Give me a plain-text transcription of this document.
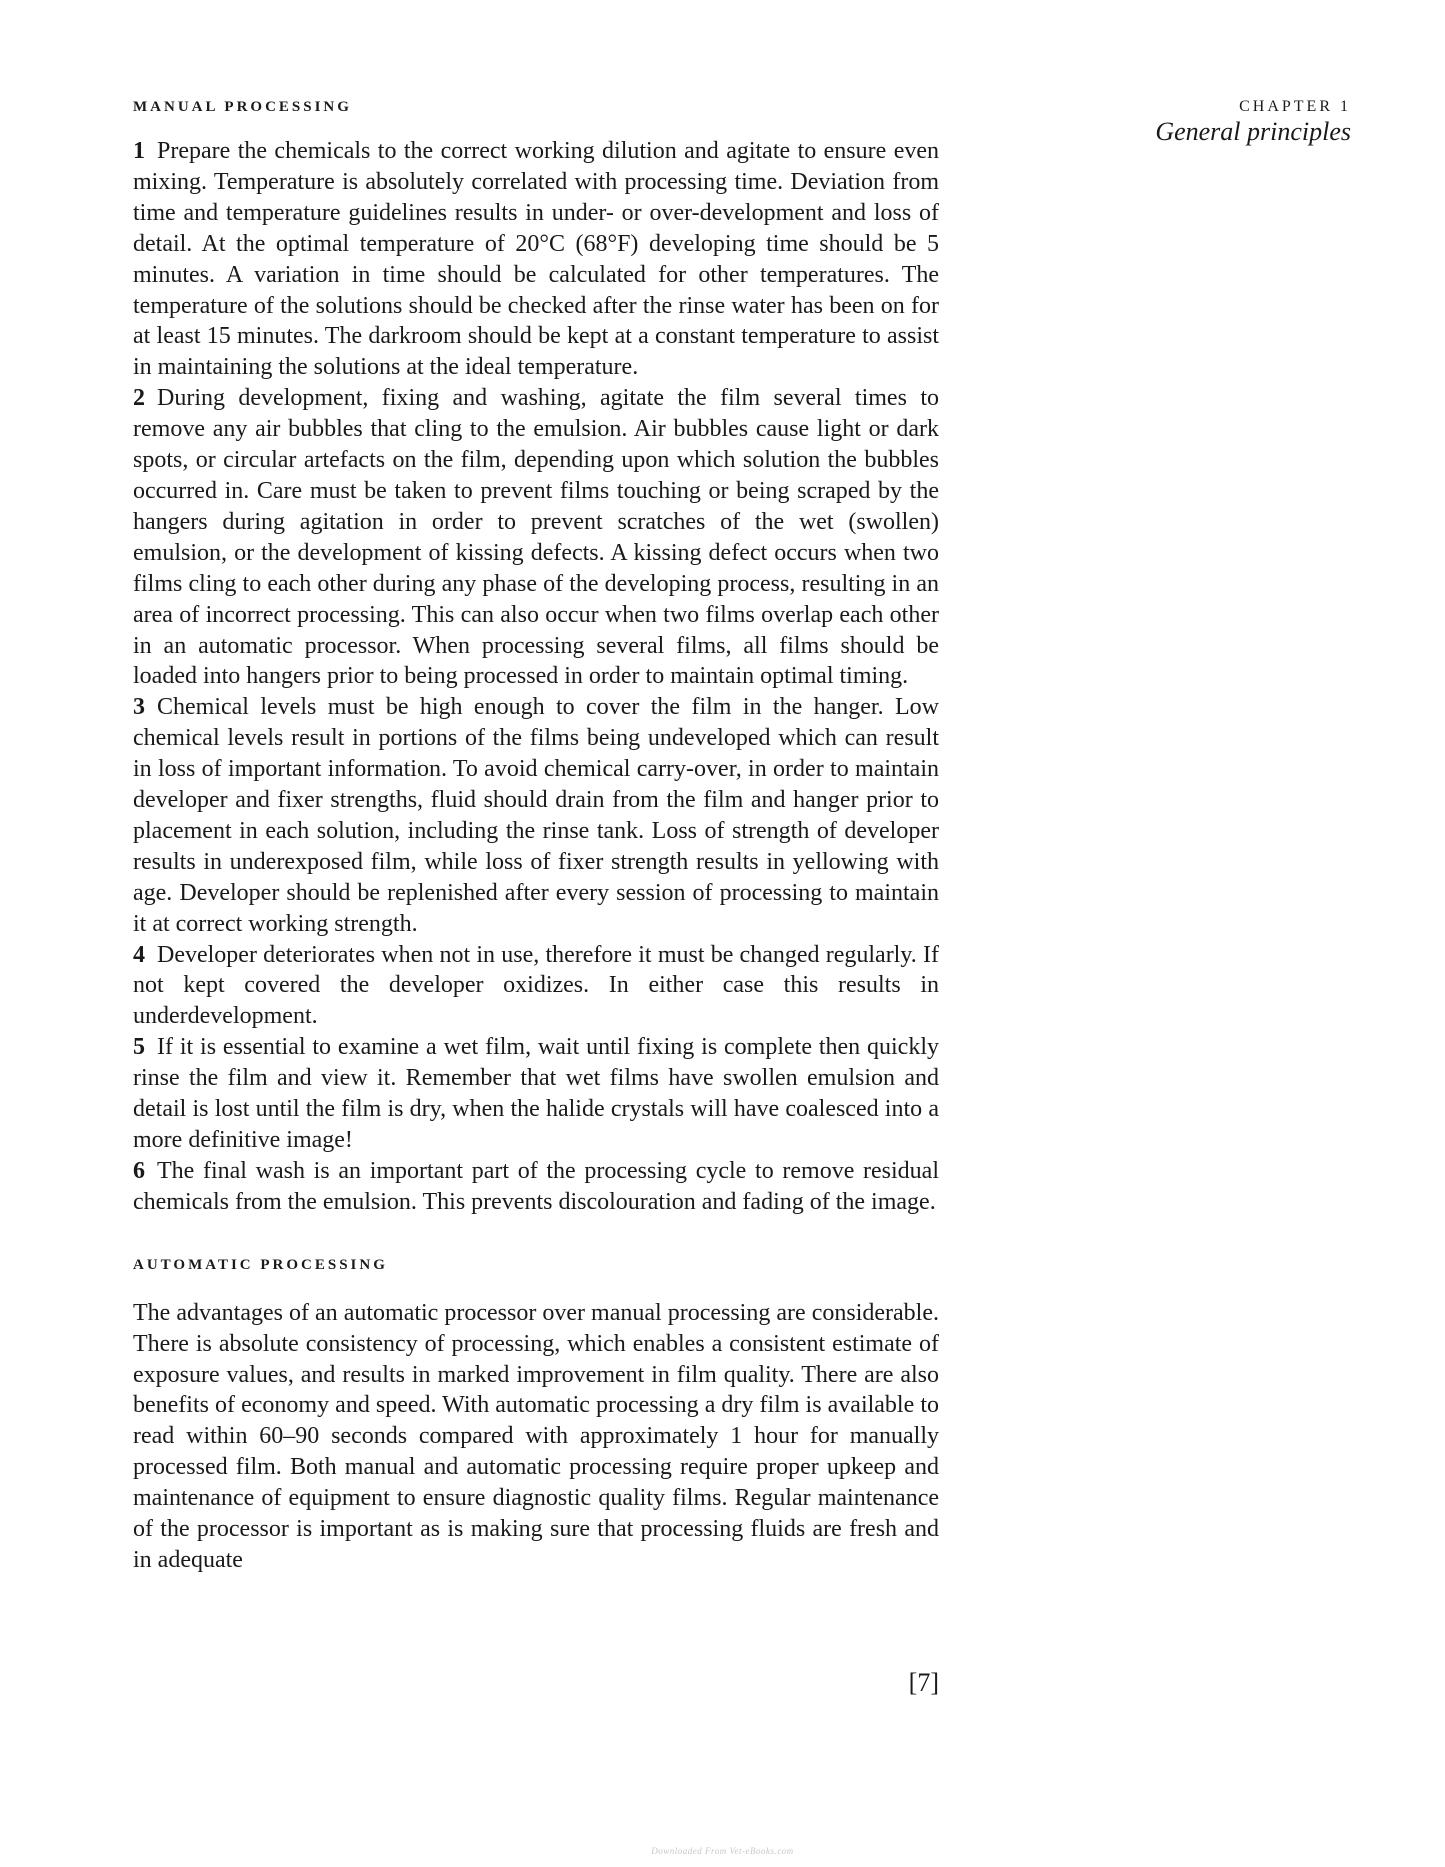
MANUAL PROCESSING

1 Prepare the chemicals to the correct working dilution and agitate to ensure even mixing. Temperature is absolutely correlated with processing time. Deviation from time and temperature guidelines results in under- or over-development and loss of detail. At the optimal temperature of 20°C (68°F) developing time should be 5 minutes. A variation in time should be calculated for other temperatures. The temperature of the solutions should be checked after the rinse water has been on for at least 15 minutes. The darkroom should be kept at a constant temperature to assist in maintaining the solutions at the ideal temperature.

2 During development, fixing and washing, agitate the film several times to remove any air bubbles that cling to the emulsion. Air bubbles cause light or dark spots, or circular artefacts on the film, depending upon which solution the bubbles occurred in. Care must be taken to prevent films touching or being scraped by the hangers during agitation in order to prevent scratches of the wet (swollen) emulsion, or the development of kissing defects. A kissing defect occurs when two films cling to each other during any phase of the developing process, resulting in an area of incorrect processing. This can also occur when two films overlap each other in an automatic processor. When processing several films, all films should be loaded into hangers prior to being processed in order to maintain optimal timing.

3 Chemical levels must be high enough to cover the film in the hanger. Low chemical levels result in portions of the films being undeveloped which can result in loss of important information. To avoid chemical carry-over, in order to maintain developer and fixer strengths, fluid should drain from the film and hanger prior to placement in each solution, including the rinse tank. Loss of strength of developer results in underexposed film, while loss of fixer strength results in yellowing with age. Developer should be replenished after every session of processing to maintain it at correct working strength.

4 Developer deteriorates when not in use, therefore it must be changed regularly. If not kept covered the developer oxidizes. In either case this results in underdevelopment.

5 If it is essential to examine a wet film, wait until fixing is complete then quickly rinse the film and view it. Remember that wet films have swollen emulsion and detail is lost until the film is dry, when the halide crystals will have coalesced into a more definitive image!

6 The final wash is an important part of the processing cycle to remove residual chemicals from the emulsion. This prevents discolouration and fading of the image.

AUTOMATIC PROCESSING

The advantages of an automatic processor over manual processing are considerable. There is absolute consistency of processing, which enables a consistent estimate of exposure values, and results in marked improvement in film quality. There are also benefits of economy and speed. With automatic processing a dry film is available to read within 60–90 seconds compared with approximately 1 hour for manually processed film. Both manual and automatic processing require proper upkeep and maintenance of equipment to ensure diagnostic quality films. Regular maintenance of the processor is important as is making sure that processing fluids are fresh and in adequate

CHAPTER 1

General principles

[7]
Downloaded From Vet-eBooks.com
